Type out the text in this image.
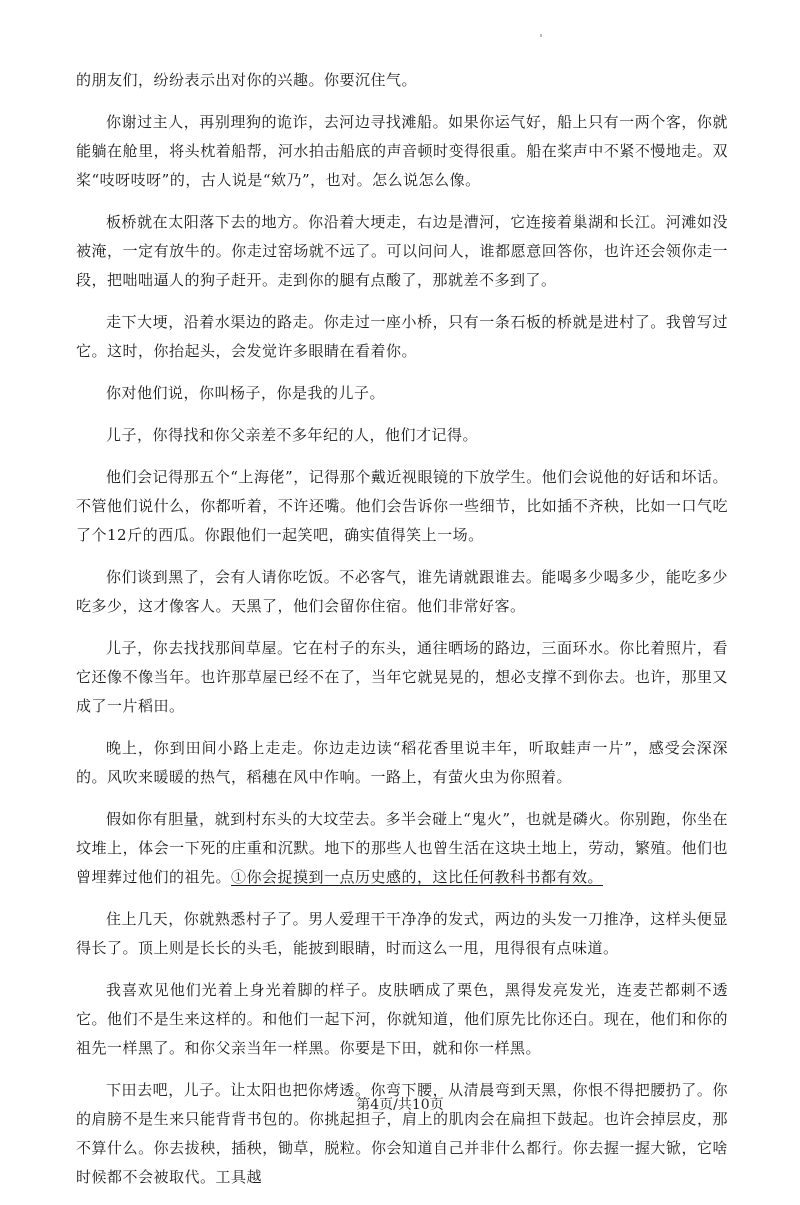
的朋友们，纷纷表示出对你的兴趣。你要沉住气。

你谢过主人，再别理狗的诡诈，去河边寻找滩船。如果你运气好，船上只有一两个客，你就能躺在舱里，将头枕着船帮，河水拍击船底的声音顿时变得很重。船在桨声中不紧不慢地走。双桨“吱呀吱呀”的，古人说是“欸乃”，也对。怎么说怎么像。

板桥就在太阳落下去的地方。你沿着大埂走，右边是漕河，它连接着巢湖和长江。河滩如没被淹，一定有放牛的。你走过窑场就不远了。可以问问人，谁都愿意回答你，也许还会领你走一段，把咄咄逼人的狗子赶开。走到你的腿有点酸了，那就差不多到了。

走下大埂，沿着水渠边的路走。你走过一座小桥，只有一条石板的桥就是进村了。我曾写过它。这时，你抬起头，会发觉许多眼睛在看着你。

你对他们说，你叫杨子，你是我的儿子。

儿子，你得找和你父亲差不多年纪的人，他们才记得。

他们会记得那五个“上海佬”，记得那个戴近视眼镜的下放学生。他们会说他的好话和坏话。不管他们说什么，你都听着，不许还嘴。他们会告诉你一些细节，比如插不齐秧，比如一口气吃了个12斤的西瓜。你跟他们一起笑吧，确实值得笑上一场。

你们谈到黑了，会有人请你吃饭。不必客气，谁先请就跟谁去。能喝多少喝多少，能吃多少吃多少，这才像客人。天黑了，他们会留你住宿。他们非常好客。

儿子，你去找找那间草屋。它在村子的东头，通往晒场的路边，三面环水。你比着照片，看它还像不像当年。也许那草屋已经不在了，当年它就晃晃的，想必支撑不到你去。也许，那里又成了一片稻田。

晚上，你到田间小路上走走。你边走边读“稻花香里说丰年，听取蛙声一片”，感受会深深的。风吹来暖暖的热气，稻穗在风中作响。一路上，有萤火虫为你照着。

假如你有胆量，就到村东头的大坟茔去。多半会碰上“鬼火”，也就是磷火。你别跑，你坐在坟堆上，体会一下死的庄重和沉默。地下的那些人也曾生活在这块土地上，劳动，繁殖。他们也曾埋葬过他们的祖先。①你会捉摸到一点历史感的，这比任何教科书都有效。

住上几天，你就熟悉村子了。男人爱理干干净净的发式，两边的头发一刀推净，这样头便显得长了。顶上则是长长的头毛，能披到眼睛，时而这么一甩，甩得很有点味道。

我喜欢见他们光着上身光着脚的样子。皮肤晒成了栗色，黑得发亮发光，连麦芒都刺不透它。他们不是生来这样的。和他们一起下河，你就知道，他们原先比你还白。现在，他们和你的祖先一样黑了。和你父亲当年一样黑。你要是下田，就和你一样黑。

下田去吧，儿子。让太阳也把你烤透。你弯下腰，从清晨弯到天黑，你恨不得把腰扔了。你的肩膀不是生来只能背背书包的。你挑起担子，肩上的肌肉会在扁担下鼓起。也许会掉层皮，那不算什么。你去拔秧，插秧，锄草，脱粒。你会知道自己并非什么都行。你去握一握大锨，它啥时候都不会被取代。工具越

第4页/共10页
